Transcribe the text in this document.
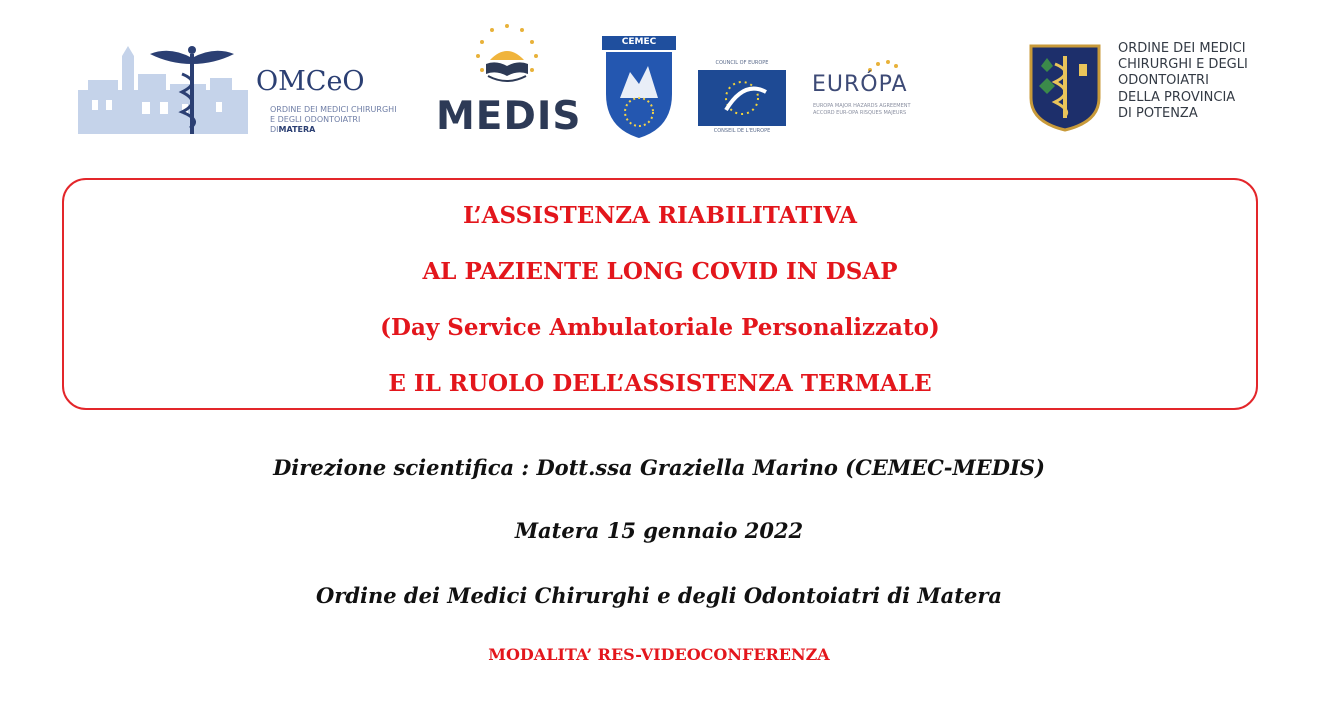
OMCeO
ORDINE DEI MEDICI CHIRURGHI
E DEGLI ODONTOIATRI
DIMATERA	MEDIS
CEMEC
COUNCIL OF EUROPE
CONSEIL DE L'EUROPE
EURÓPA
EUROPA MAJOR HAZARDS AGREEMENT
ACCORD EUR-OPA RISQUES MAJEURS
ORDINE DEI MEDICI
CHIRURGHI E DEGLI
ODONTOIATRI
DELLA PROVINCIA
DI POTENZA
L’ASSISTENZA RIABILITATIVA
AL PAZIENTE LONG COVID IN DSAP
(Day Service Ambulatoriale Personalizzato)
E IL RUOLO DELL’ASSISTENZA TERMALE
Direzione scientifica : Dott.ssa Graziella Marino (CEMEC-MEDIS)
Matera 15 gennaio 2022
Ordine dei Medici Chirurghi e degli Odontoiatri di Matera
MODALITA’ RES-VIDEOCONFERENZA
